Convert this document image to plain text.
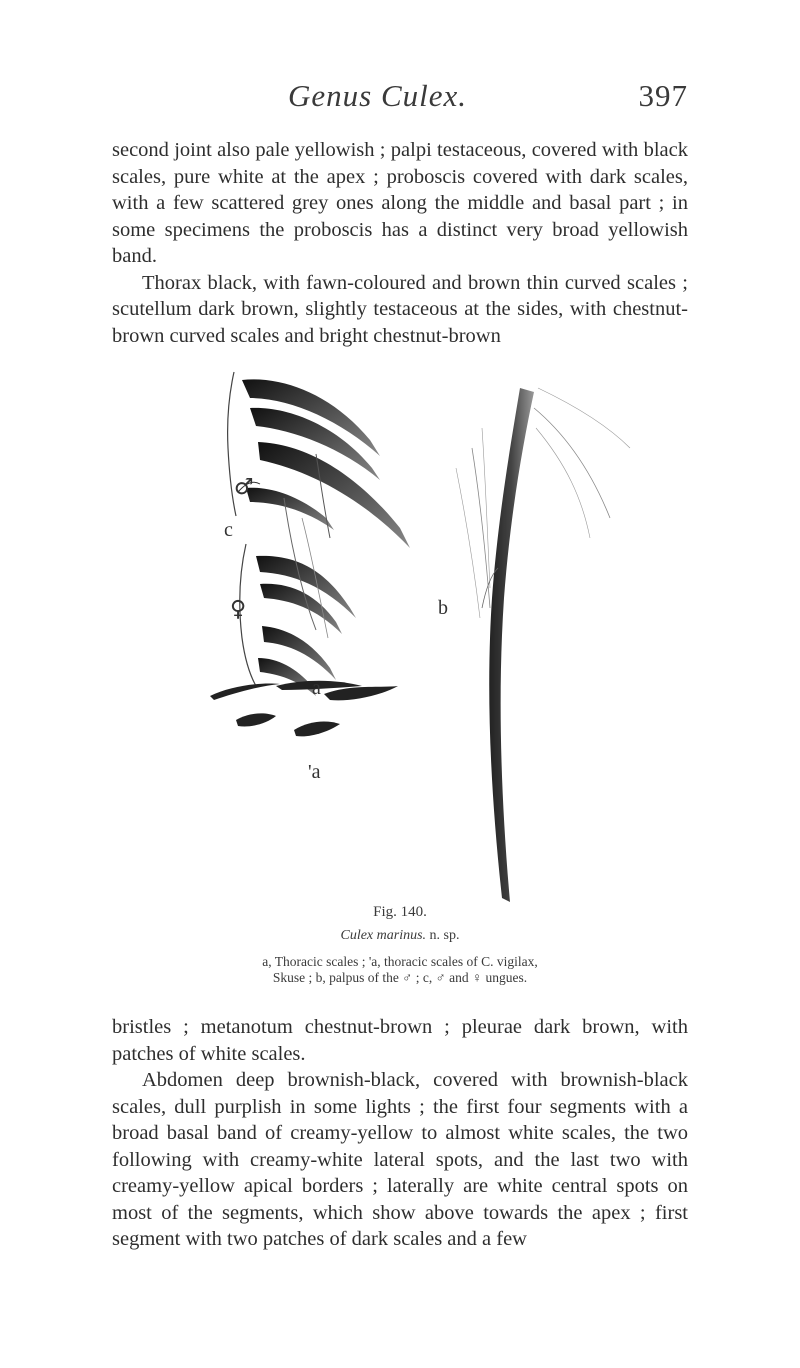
Genus Culex.	397

second joint also pale yellowish ; palpi testaceous, covered with black scales, pure white at the apex ; proboscis covered with dark scales, with a few scattered grey ones along the middle and basal part ; in some specimens the proboscis has a distinct very broad yellowish band.

Thorax black, with fawn-coloured and brown thin curved scales ; scutellum dark brown, slightly testaceous at the sides, with chestnut-brown curved scales and bright chestnut-brown

♂
c
♀	b
a
'a
Fig. 140.
Culex marinus. n. sp.
a, Thoracic scales ; 'a, thoracic scales of C. vigilax,
Skuse ; b, palpus of the ♂ ; c, ♂ and ♀ ungues.

bristles ; metanotum chestnut-brown ; pleurae dark brown, with patches of white scales.

Abdomen deep brownish-black, covered with brownish-black scales, dull purplish in some lights ; the first four segments with a broad basal band of creamy-yellow to almost white scales, the two following with creamy-white lateral spots, and the last two with creamy-yellow apical borders ; laterally are white central spots on most of the segments, which show above towards the apex ; first segment with two patches of dark scales and a few
